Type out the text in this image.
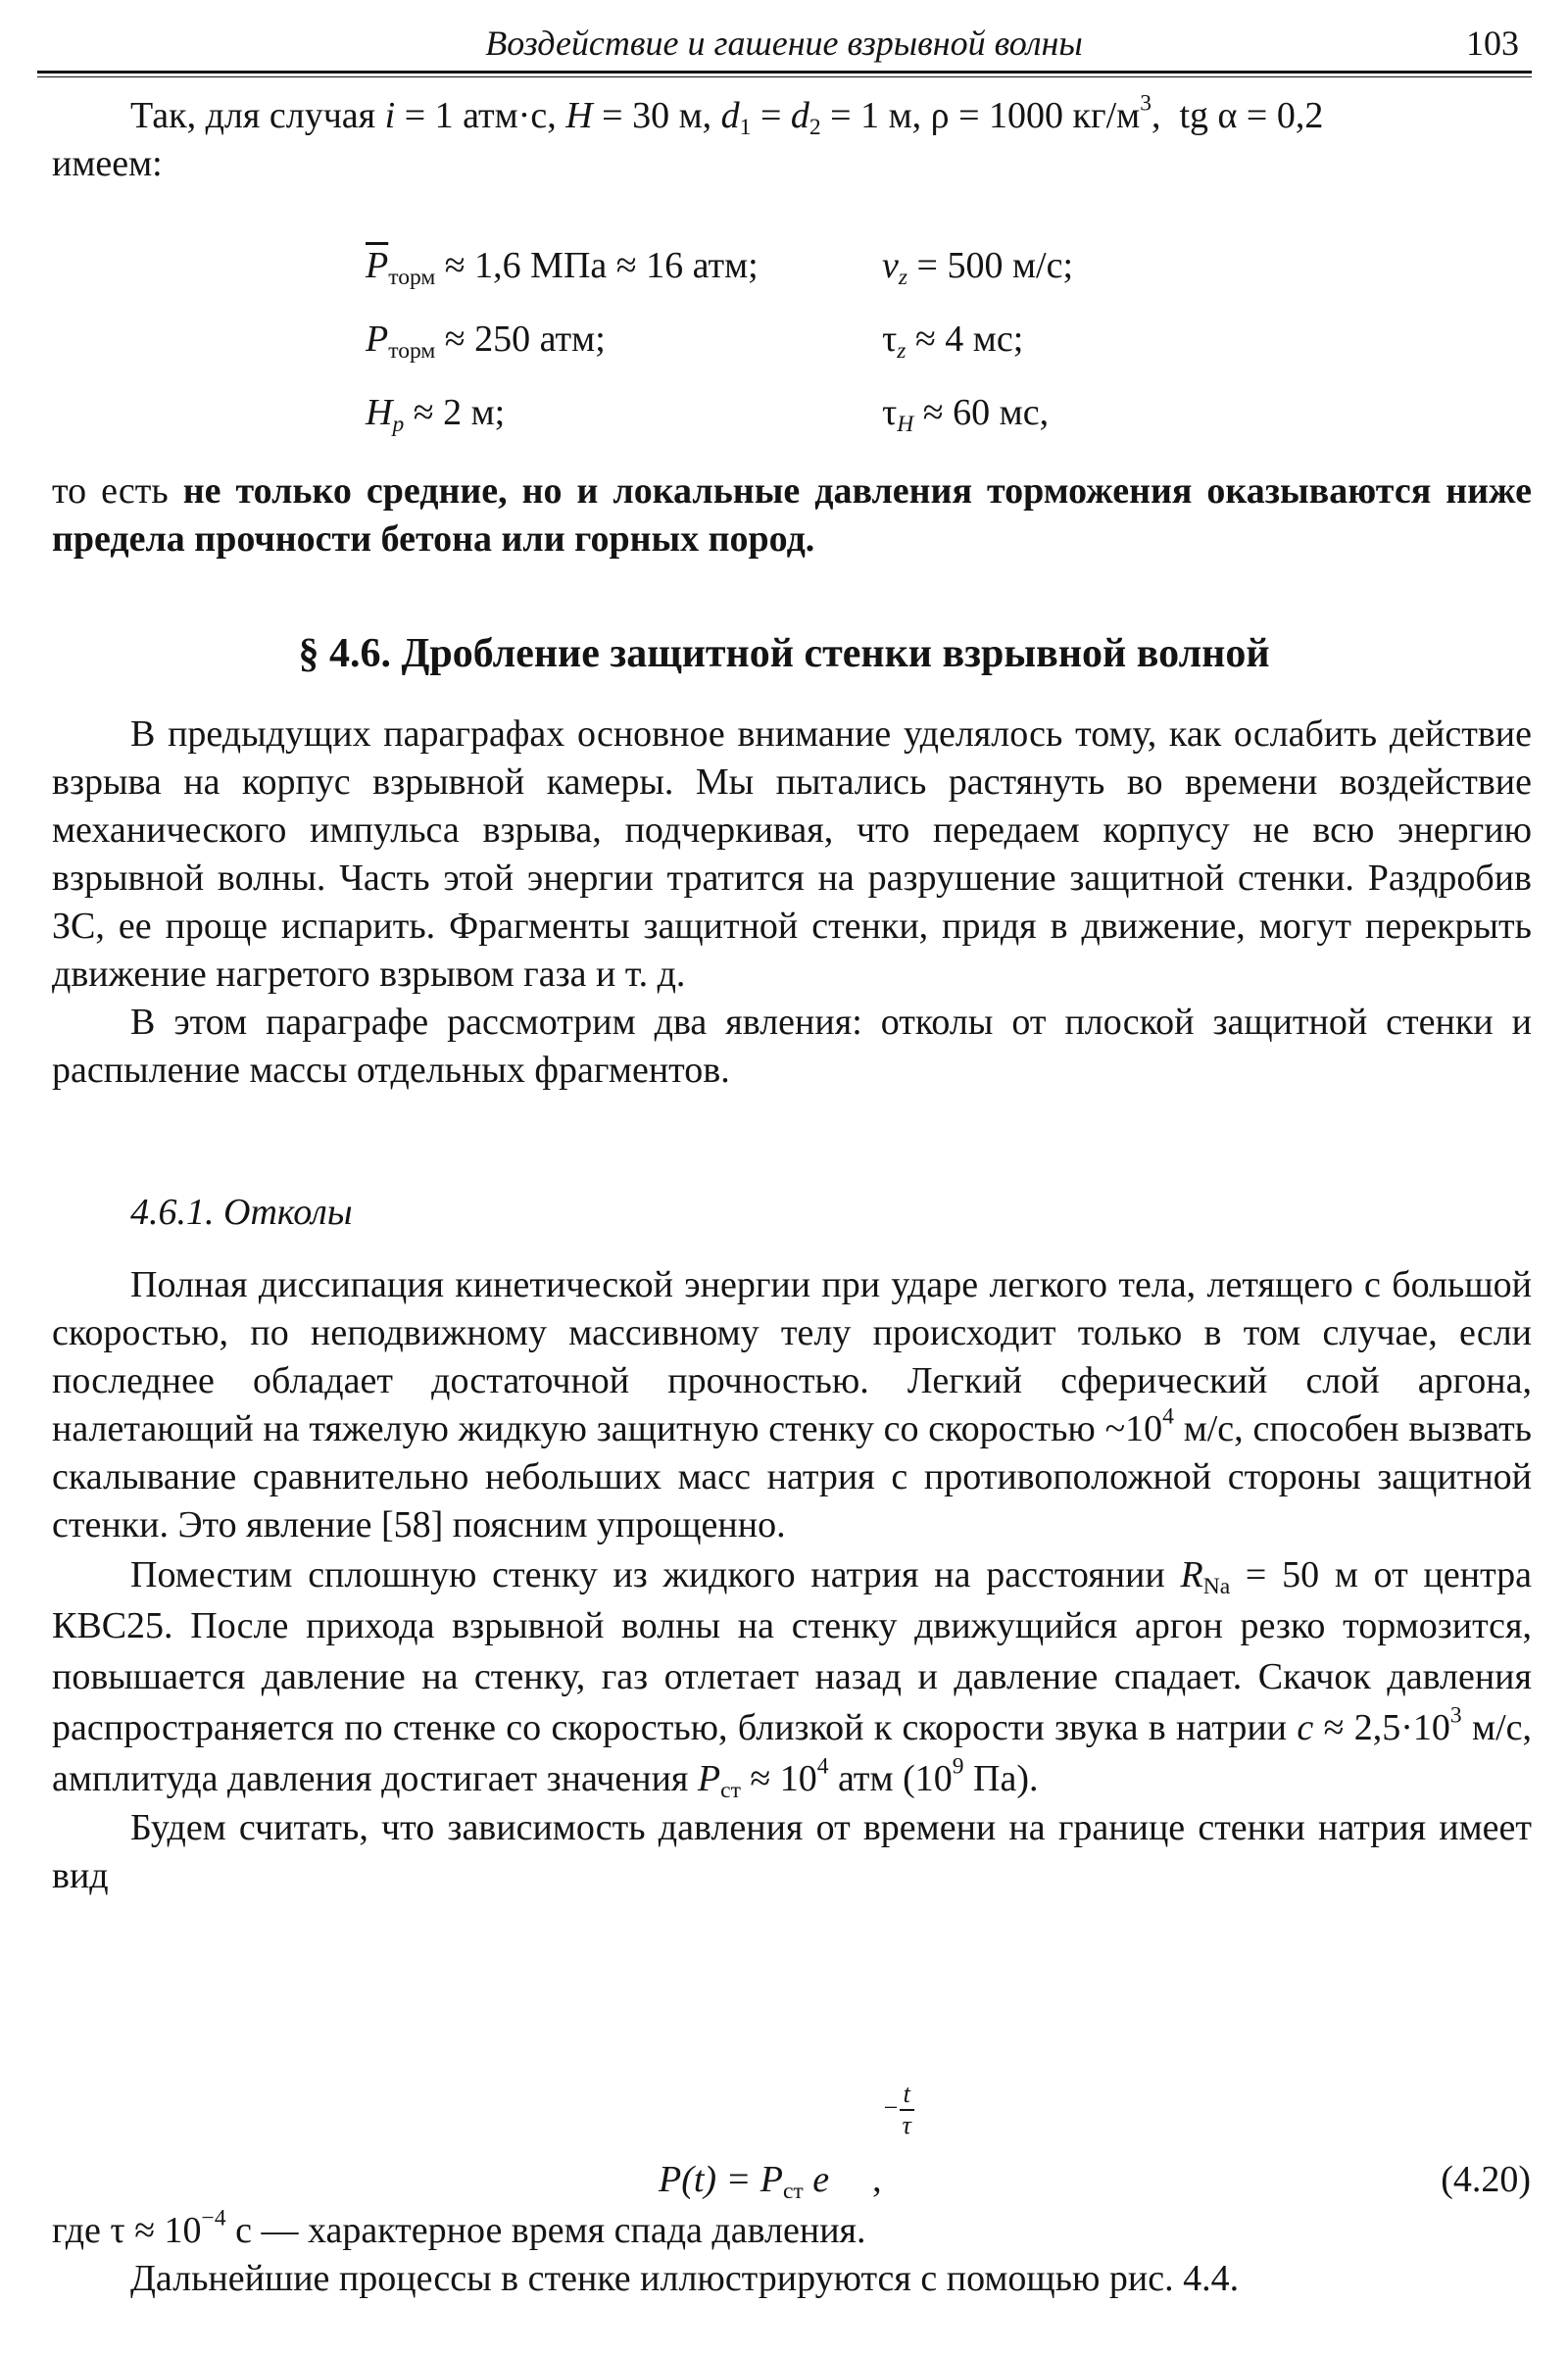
Воздействие и гашение взрывной волны	103

Так, для случая i = 1 атм·с, H = 30 м, $d_1 = d_2 = 1$ м, ρ = 1000 $кг/м^3$,  tg α = 0,2

имеем:

$\overline{P}_{торм} \approx 1,6$ МПа ≈ 16 атм;
$P_{торм} \approx 250$ атм;
$H_p \approx 2$ м;
$v_z = 500$ м/с;
$\tau_z \approx 4$ мс;
$\tau_H \approx 60$ мс,

то есть не только средние, но и локальные давления торможения оказываются ниже предела прочности бетона или горных пород.

§ 4.6. Дробление защитной стенки взрывной волной

В предыдущих параграфах основное внимание уделялось тому, как ослабить действие взрыва на корпус взрывной камеры. Мы пытались растянуть во времени воздействие механического импульса взрыва, подчеркивая, что передаем корпусу не всю энергию взрывной волны. Часть этой энергии тратится на разрушение защитной стенки. Раздробив ЗС, ее проще испарить. Фрагменты защитной стенки, придя в движение, могут перекрыть движение нагретого взрывом газа и т. д.

В этом параграфе рассмотрим два явления: отколы от плоской защитной стенки и распыление массы отдельных фрагментов.

4.6.1. Отколы

Полная диссипация кинетической энергии при ударе легкого тела, летящего с большой скоростью, по неподвижному массивному телу происходит только в том случае, если последнее обладает достаточной прочностью. Легкий сферический слой аргона, налетающий на тяжелую жидкую защитную стенку со скоростью $\sim 10^4$ м/с, способен вызвать скалывание сравнительно небольших масс натрия с противоположной стороны защитной стенки. Это явление [58] поясним упрощенно.

Поместим сплошную стенку из жидкого натрия на расстоянии $R_{Na} = 50$ м от центра КВС25. После прихода взрывной волны на стенку движущийся аргон резко тормозится, повышается давление на стенку, газ отлетает назад и давление спадает. Скачок давления распространяется по стенке со скоростью, близкой к скорости звука в натрии $c \approx 2,5\cdot 10^3$ м/с, амплитуда давления достигает значения $P_{ст} \approx 10^4$ атм ($10^9$ Па).

Будем считать, что зависимость давления от времени на границе стенки натрия имеет вид

− $\frac{t}{\tau}$
$P(t) = P_{ст}$ e ,	(4.20)

где $\tau \approx 10^{-4}$ с — характерное время спада давления.

Дальнейшие процессы в стенке иллюстрируются с помощью рис. 4.4.
